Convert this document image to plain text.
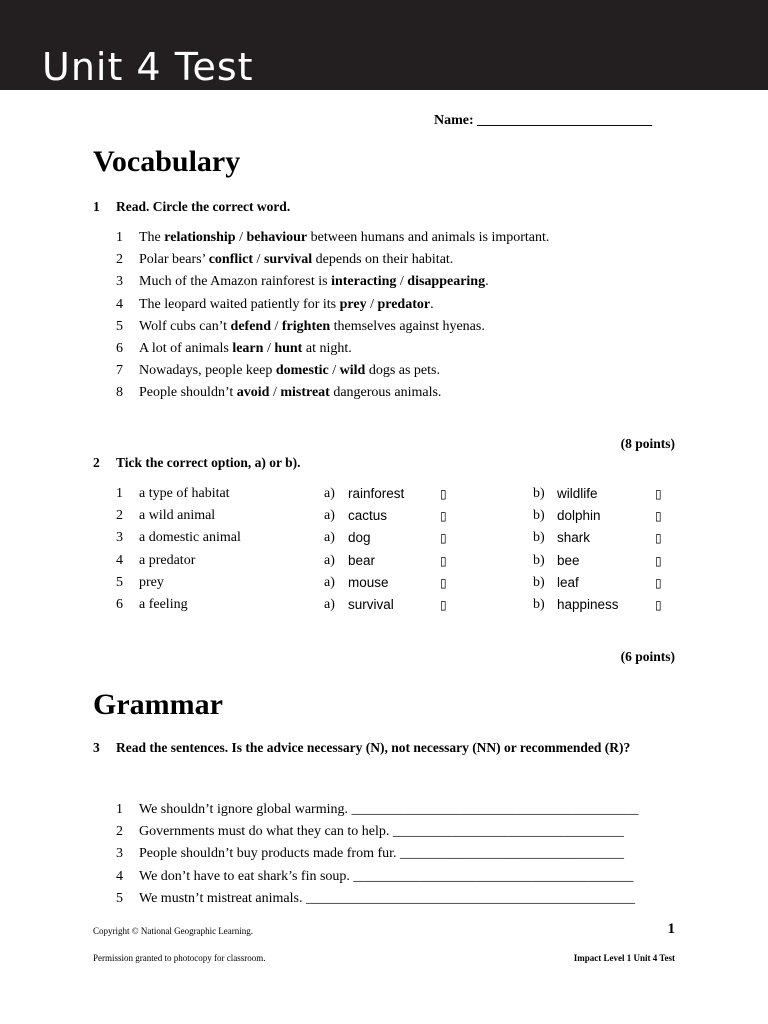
Unit 4 Test
Name: _________________________
Vocabulary
1 Read. Circle the correct word.
1 The relationship / behaviour between humans and animals is important.
2 Polar bears’ conflict / survival depends on their habitat.
3 Much of the Amazon rainforest is interacting / disappearing.
4 The leopard waited patiently for its prey / predator.
5 Wolf cubs can’t defend / frighten themselves against hyenas.
6 A lot of animals learn / hunt at night.
7 Nowadays, people keep domestic / wild dogs as pets.
8 People shouldn’t avoid / mistreat dangerous animals.
(8 points)
2 Tick the correct option, a) or b).
1 a type of habitat	a) rainforest	▯	b) wildlife	▯
2 a wild animal	a) cactus	▯	b) dolphin	▯
3 a domestic animal	a) dog	▯	b) shark	▯
4 a predator	a) bear	▯	b) bee	▯
5 prey	a) mouse	▯	b) leaf	▯
6 a feeling	a) survival	▯	b) happiness	▯
(6 points)
Grammar
3 Read the sentences. Is the advice necessary (N), not necessary (NN) or recommended (R)?
1 We shouldn’t ignore global warming. _________________________________________
2 Governments must do what they can to help. _________________________________
3 People shouldn’t buy products made from fur. ________________________________
4 We don’t have to eat shark’s fin soup. ________________________________________
5 We mustn’t mistreat animals. _______________________________________________
Copyright © National Geographic Learning.	1
Permission granted to photocopy for classroom.	Impact Level 1 Unit 4 Test
